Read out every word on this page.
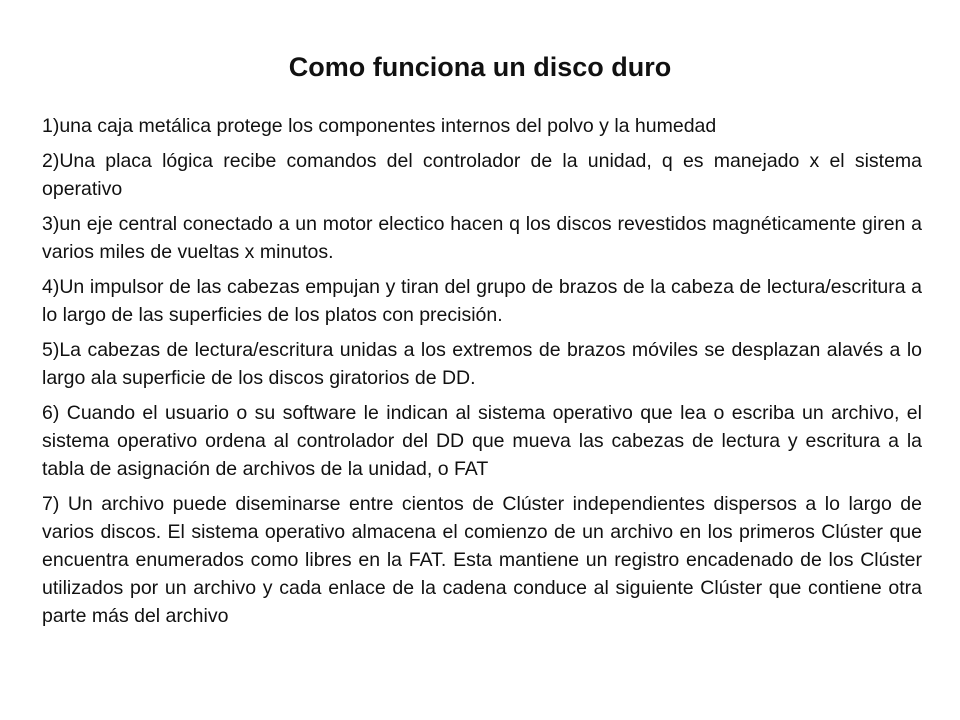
Como funciona un disco duro

1)una caja metálica protege los componentes internos del polvo y la humedad

2)Una placa lógica recibe comandos del controlador de la unidad, q es manejado x el sistema operativo

3)un eje central conectado a un motor electico hacen q los discos revestidos magnéticamente giren a varios miles de vueltas x minutos.

4)Un impulsor de las cabezas empujan y tiran del grupo de brazos de la cabeza de lectura/escritura a lo largo de las superficies de los platos con precisión.

5)La cabezas de lectura/escritura unidas a los extremos de brazos móviles se desplazan alavés a lo largo ala superficie de los discos giratorios de DD.

6) Cuando el usuario o su software le indican al sistema operativo que lea o escriba un archivo, el sistema operativo ordena al controlador del DD que mueva las cabezas de lectura y escritura a la tabla de asignación de archivos de la unidad, o FAT

7) Un archivo puede diseminarse entre cientos de Clúster independientes dispersos a lo largo de varios discos. El sistema operativo almacena el comienzo de un archivo en los primeros Clúster que encuentra enumerados como libres en la FAT. Esta mantiene un registro encadenado de los Clúster utilizados por un archivo y cada enlace de la cadena conduce al siguiente Clúster que contiene otra parte más del archivo
